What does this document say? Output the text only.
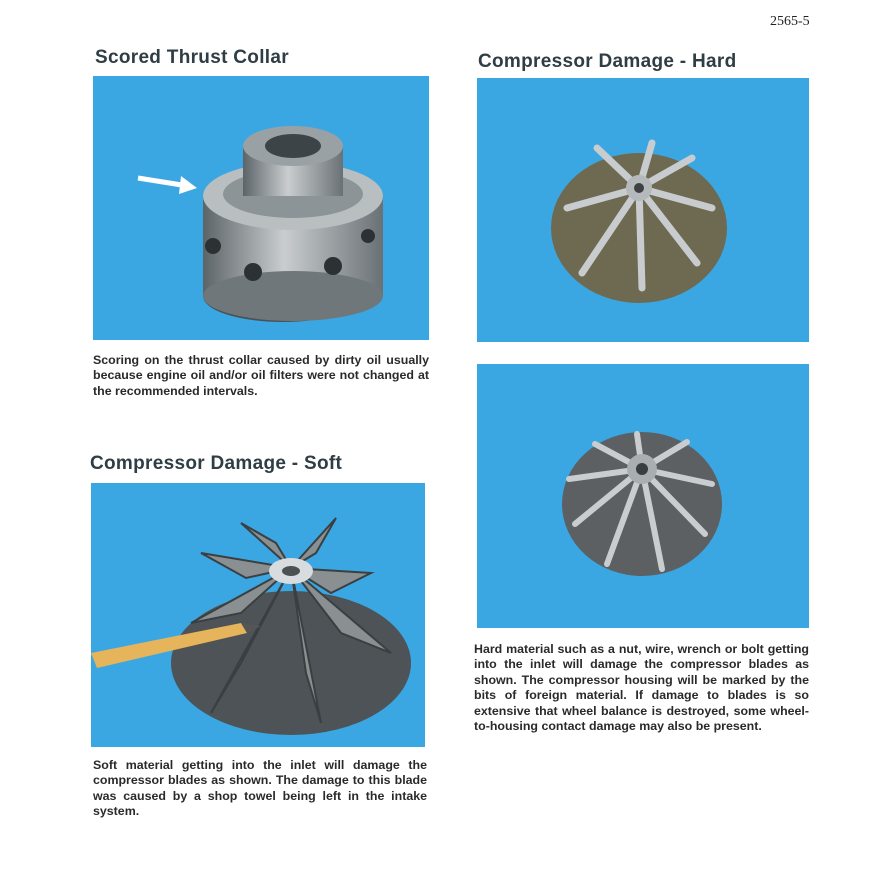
2565-5
Scored Thrust Collar
Scoring on the thrust collar caused by dirty oil usually because engine oil and/or oil filters were not changed at the recommended intervals.
Compressor Damage - Soft
Soft material getting into the inlet will damage the compressor blades as shown. The damage to this blade was caused by a shop towel being left in the intake system.
Compressor Damage - Hard
Hard material such as a nut, wire, wrench or bolt getting into the inlet will damage the compressor blades as shown. The compressor housing will be marked by the bits of foreign material. If damage to blades is so extensive that wheel balance is destroyed, some wheel-to-housing contact damage may also be present.
